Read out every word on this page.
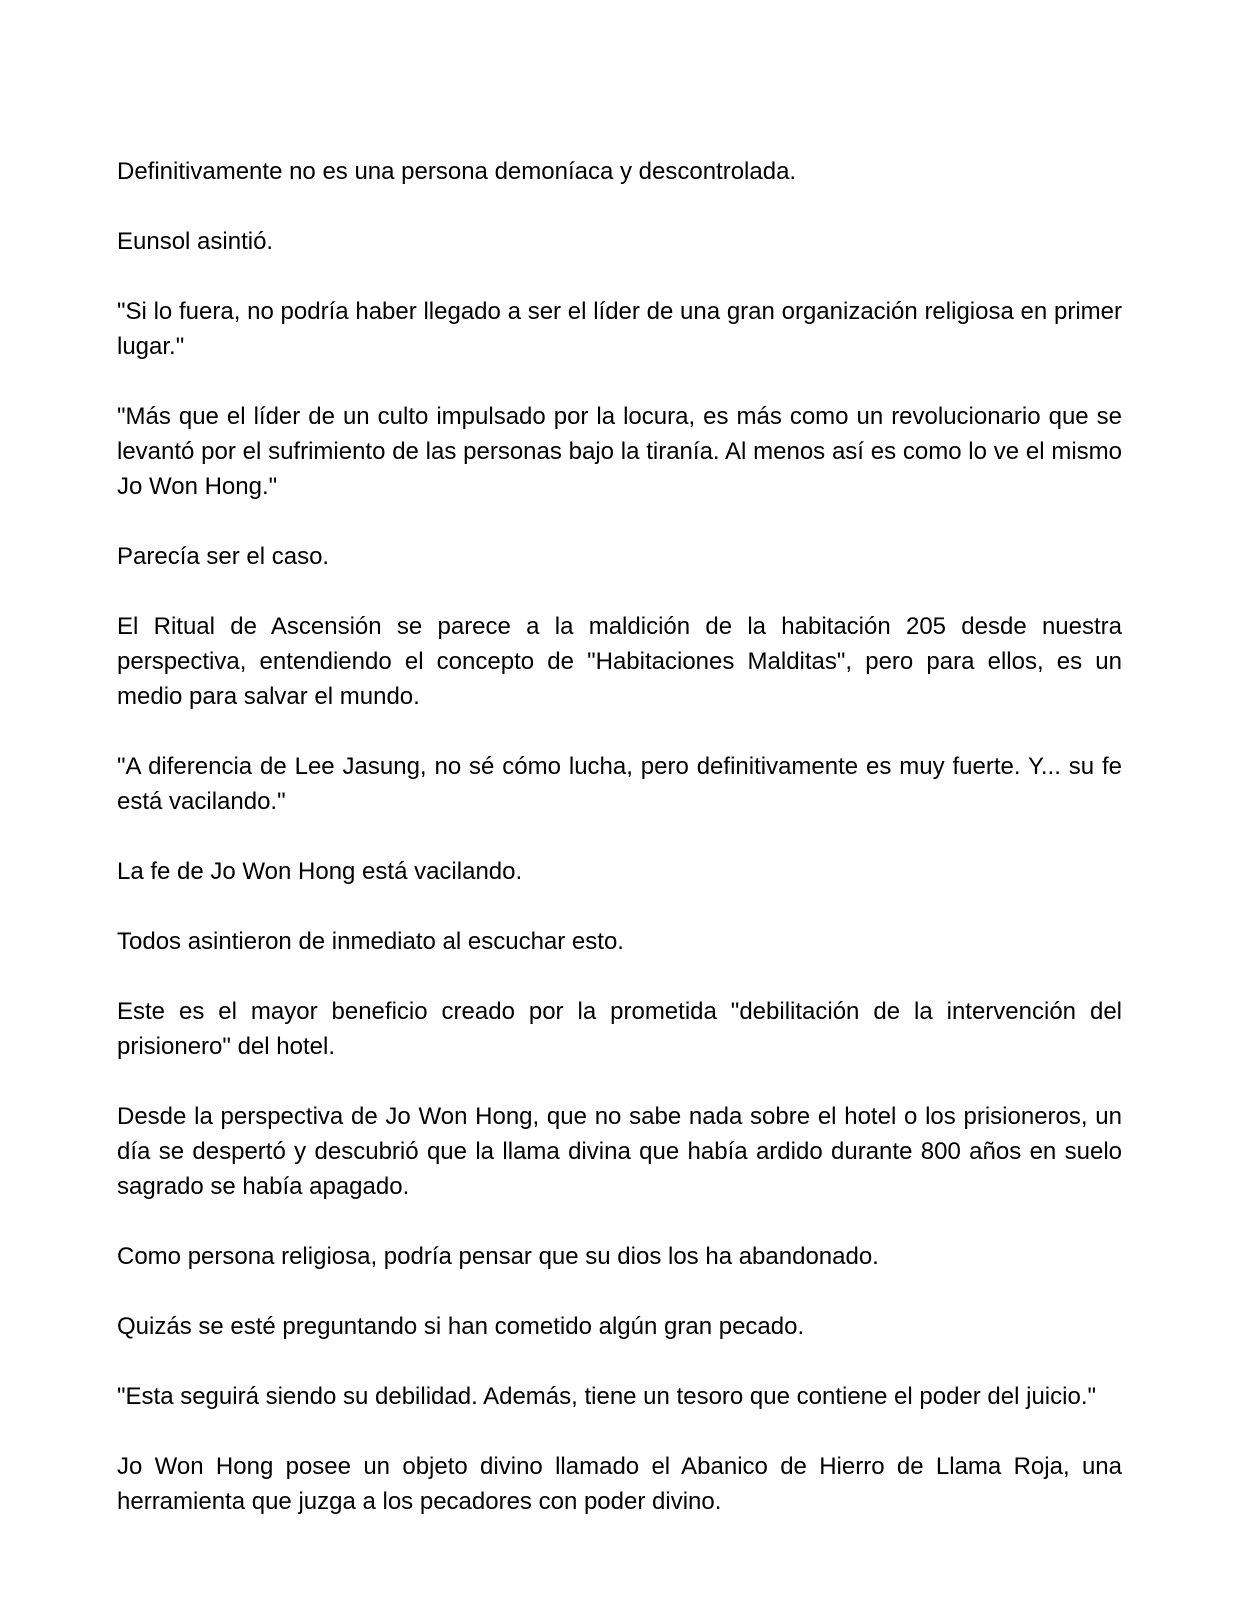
Definitivamente no es una persona demoníaca y descontrolada.

Eunsol asintió.

"Si lo fuera, no podría haber llegado a ser el líder de una gran organización religiosa en primer lugar."

"Más que el líder de un culto impulsado por la locura, es más como un revolucionario que se levantó por el sufrimiento de las personas bajo la tiranía. Al menos así es como lo ve el mismo Jo Won Hong."

Parecía ser el caso.

El Ritual de Ascensión se parece a la maldición de la habitación 205 desde nuestra perspectiva, entendiendo el concepto de "Habitaciones Malditas", pero para ellos, es un medio para salvar el mundo.

"A diferencia de Lee Jasung, no sé cómo lucha, pero definitivamente es muy fuerte. Y... su fe está vacilando."

La fe de Jo Won Hong está vacilando.

Todos asintieron de inmediato al escuchar esto.

Este es el mayor beneficio creado por la prometida "debilitación de la intervención del prisionero" del hotel.

Desde la perspectiva de Jo Won Hong, que no sabe nada sobre el hotel o los prisioneros, un día se despertó y descubrió que la llama divina que había ardido durante 800 años en suelo sagrado se había apagado.

Como persona religiosa, podría pensar que su dios los ha abandonado.

Quizás se esté preguntando si han cometido algún gran pecado.

"Esta seguirá siendo su debilidad. Además, tiene un tesoro que contiene el poder del juicio."

Jo Won Hong posee un objeto divino llamado el Abanico de Hierro de Llama Roja, una herramienta que juzga a los pecadores con poder divino.
